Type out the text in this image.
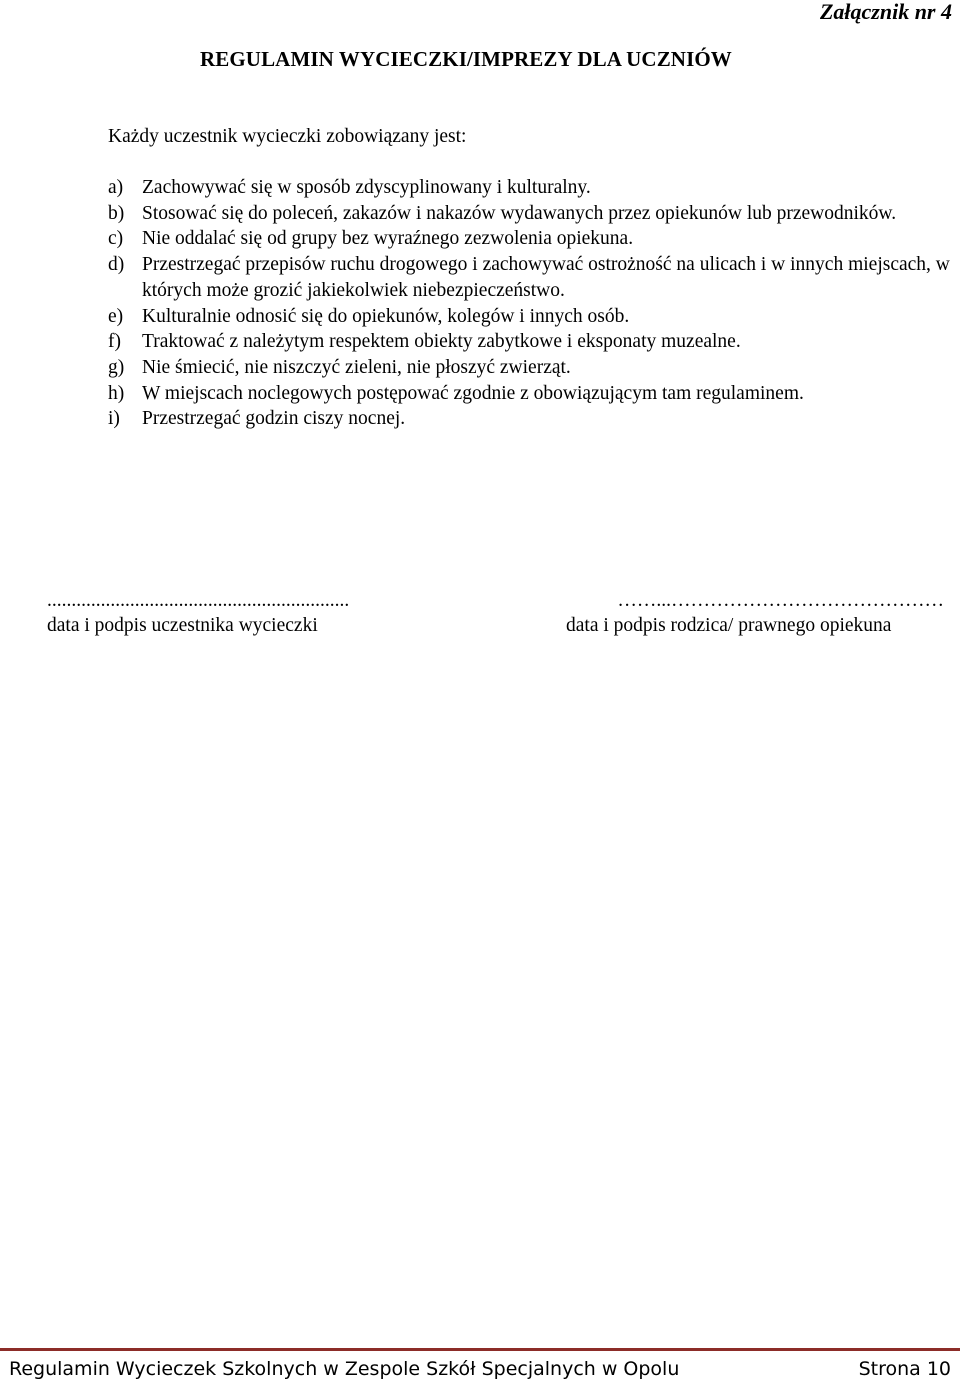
Załącznik nr 4
REGULAMIN WYCIECZKI/IMPREZY DLA UCZNIÓW
Każdy uczestnik wycieczki zobowiązany jest:
a) Zachowywać się w sposób zdyscyplinowany i kulturalny.
b) Stosować się do poleceń, zakazów i nakazów wydawanych przez opiekunów lub przewodników.
c) Nie oddalać się od grupy bez wyraźnego zezwolenia opiekuna.
d) Przestrzegać przepisów ruchu drogowego i zachowywać ostrożność na ulicach i w innych miejscach, w których może grozić jakiekolwiek niebezpieczeństwo.
e) Kulturalnie odnosić się do opiekunów, kolegów i innych osób.
f)	Traktować z należytym respektem obiekty zabytkowe i eksponaty muzealne.
g) Nie śmiecić, nie niszczyć zieleni, nie płoszyć zwierząt.
h) W miejscach noclegowych postępować zgodnie z obowiązującym tam regulaminem.
i)	Przestrzegać godzin ciszy nocnej.
..............................................................
data i podpis uczestnika wycieczki
……...……………………………………
data i podpis rodzica/ prawnego opiekuna
Regulamin Wycieczek Szkolnych w Zespole Szkół Specjalnych w Opolu	Strona 10
